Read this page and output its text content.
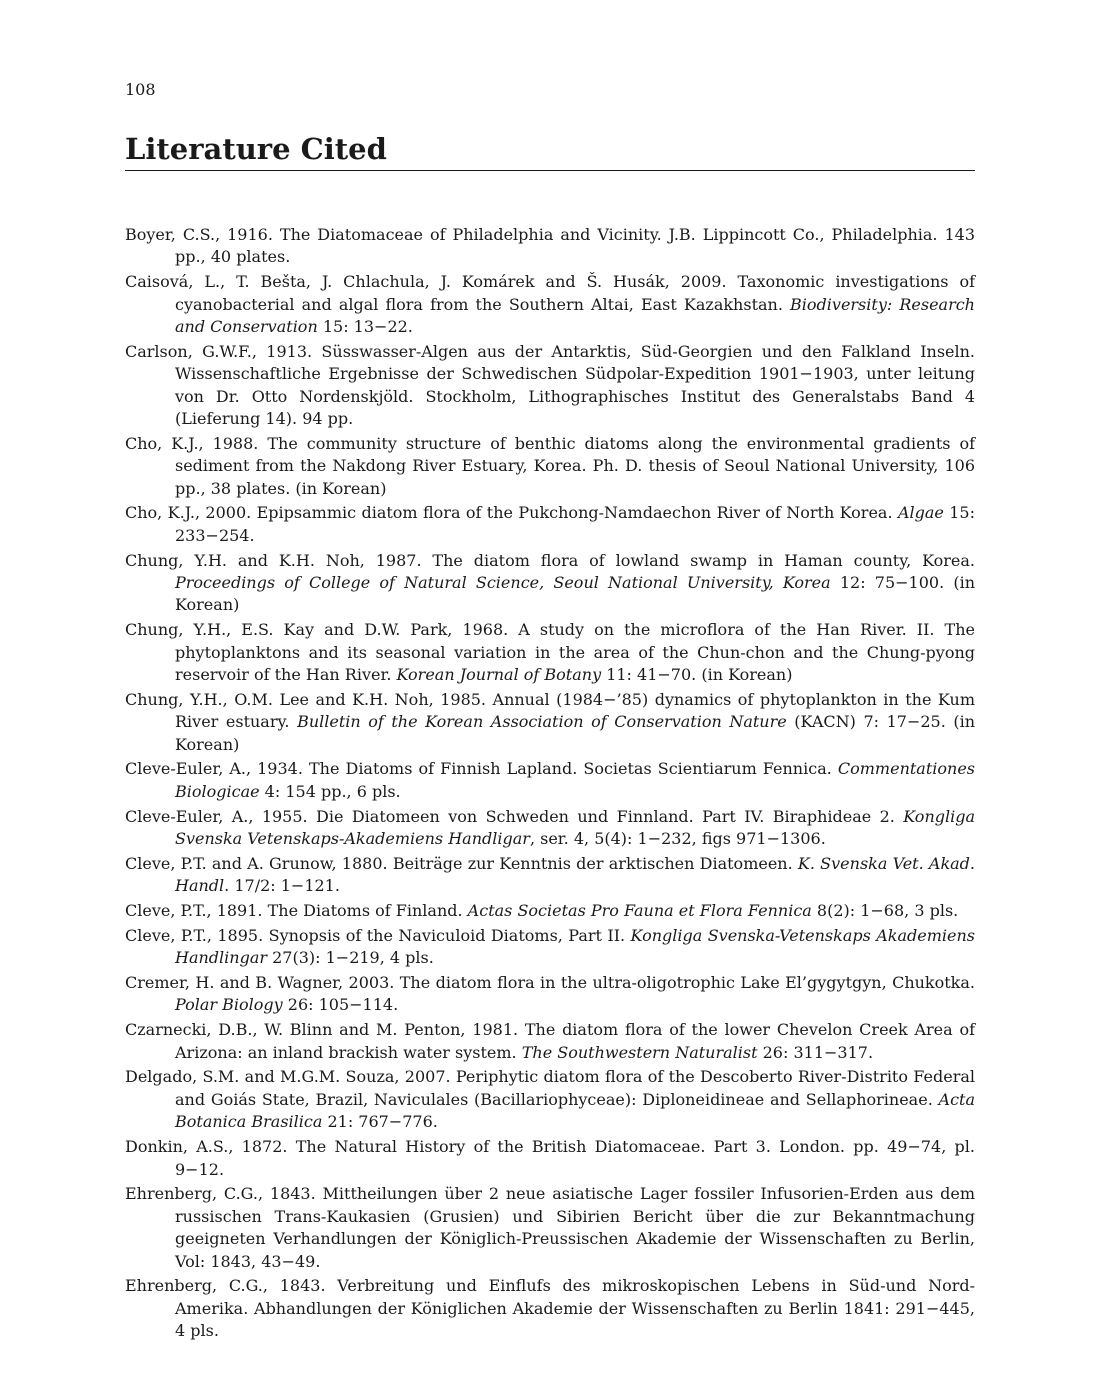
108
Literature Cited
Boyer, C.S., 1916. The Diatomaceae of Philadelphia and Vicinity. J.B. Lippincott Co., Philadelphia. 143 pp., 40 plates.
Caisová, L., T. Bešta, J. Chlachula, J. Komárek and Š. Husák, 2009. Taxonomic investigations of cyanobacterial and algal flora from the Southern Altai, East Kazakhstan. Biodiversity: Research and Conservation 15: 13−22.
Carlson, G.W.F., 1913. Süsswasser-Algen aus der Antarktis, Süd-Georgien und den Falkland Inseln. Wissenschaftliche Ergebnisse der Schwedischen Südpolar-Expedition 1901−1903, unter leitung von Dr. Otto Nordenskjöld. Stockholm, Lithographisches Institut des Generalstabs Band 4 (Lieferung 14). 94 pp.
Cho, K.J., 1988. The community structure of benthic diatoms along the environmental gradients of sediment from the Nakdong River Estuary, Korea. Ph. D. thesis of Seoul National University, 106 pp., 38 plates. (in Korean)
Cho, K.J., 2000. Epipsammic diatom flora of the Pukchong-Namdaechon River of North Korea. Algae 15: 233−254.
Chung, Y.H. and K.H. Noh, 1987. The diatom flora of lowland swamp in Haman county, Korea. Proceedings of College of Natural Science, Seoul National University, Korea 12: 75−100. (in Korean)
Chung, Y.H., E.S. Kay and D.W. Park, 1968. A study on the microflora of the Han River. II. The phytoplanktons and its seasonal variation in the area of the Chun-chon and the Chung-pyong reservoir of the Han River. Korean Journal of Botany 11: 41−70. (in Korean)
Chung, Y.H., O.M. Lee and K.H. Noh, 1985. Annual (1984−’85) dynamics of phytoplankton in the Kum River estuary. Bulletin of the Korean Association of Conservation Nature (KACN) 7: 17−25. (in Korean)
Cleve-Euler, A., 1934. The Diatoms of Finnish Lapland. Societas Scientiarum Fennica. Commentationes Biologicae 4: 154 pp., 6 pls.
Cleve-Euler, A., 1955. Die Diatomeen von Schweden und Finnland. Part IV. Biraphideae 2. Kongliga Svenska Vetenskaps-Akademiens Handligar, ser. 4, 5(4): 1−232, figs 971−1306.
Cleve, P.T. and A. Grunow, 1880. Beiträge zur Kenntnis der arktischen Diatomeen. K. Svenska Vet. Akad. Handl. 17/2: 1−121.
Cleve, P.T., 1891. The Diatoms of Finland. Actas Societas Pro Fauna et Flora Fennica 8(2): 1−68, 3 pls.
Cleve, P.T., 1895. Synopsis of the Naviculoid Diatoms, Part II. Kongliga Svenska-Vetenskaps Akademiens Handlingar 27(3): 1−219, 4 pls.
Cremer, H. and B. Wagner, 2003. The diatom flora in the ultra-oligotrophic Lake El’gygytgyn, Chukotka. Polar Biology 26: 105−114.
Czarnecki, D.B., W. Blinn and M. Penton, 1981. The diatom flora of the lower Chevelon Creek Area of Arizona: an inland brackish water system. The Southwestern Naturalist 26: 311−317.
Delgado, S.M. and M.G.M. Souza, 2007. Periphytic diatom flora of the Descoberto River-Distrito Federal and Goiás State, Brazil, Naviculales (Bacillariophyceae): Diploneidineae and Sellaphorineae. Acta Botanica Brasilica 21: 767−776.
Donkin, A.S., 1872. The Natural History of the British Diatomaceae. Part 3. London. pp. 49−74, pl. 9−12.
Ehrenberg, C.G., 1843. Mittheilungen über 2 neue asiatische Lager fossiler Infusorien-Erden aus dem russischen Trans-Kaukasien (Grusien) und Sibirien Bericht über die zur Bekanntmachung geeigneten Verhandlungen der Königlich-Preussischen Akademie der Wissenschaften zu Berlin, Vol: 1843, 43−49.
Ehrenberg, C.G., 1843. Verbreitung und Einflufs des mikroskopischen Lebens in Süd-und Nord-Amerika. Abhandlungen der Königlichen Akademie der Wissenschaften zu Berlin 1841: 291−445, 4 pls.
